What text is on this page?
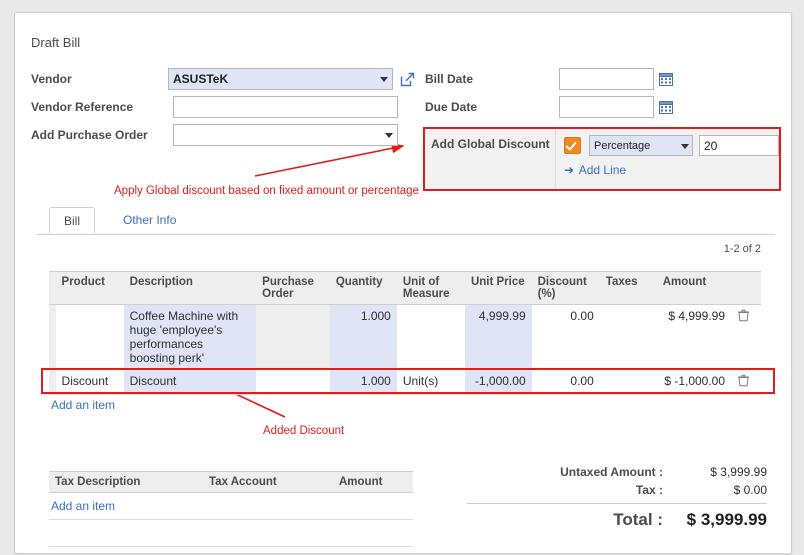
Draft Bill
Vendor	ASUSTeK
Vendor Reference
Add Purchase Order
Bill Date
Due Date
Add Global Discount	Percentage
20
➜ Add Line
Apply Global discount based on fixed amount or percentage
Added Discount
Bill	Other Info
1-2 of 2
	Product	Description	Purchase Order	Quantity	Unit of Measure	Unit Price	Discount (%)	Taxes	Amount	
		Coffee Machine with huge 'employee's performances boosting perk'		1.000		4,999.99	0.00		$ 4,999.99	
	Discount	Discount		1.000	Unit(s)	-1,000.00	0.00		$ -1,000.00	
Add an item
Tax Description	Tax Account	Amount

Add an item
Untaxed Amount :	$ 3,999.99
Tax :	$ 0.00
Total :	$ 3,999.99
